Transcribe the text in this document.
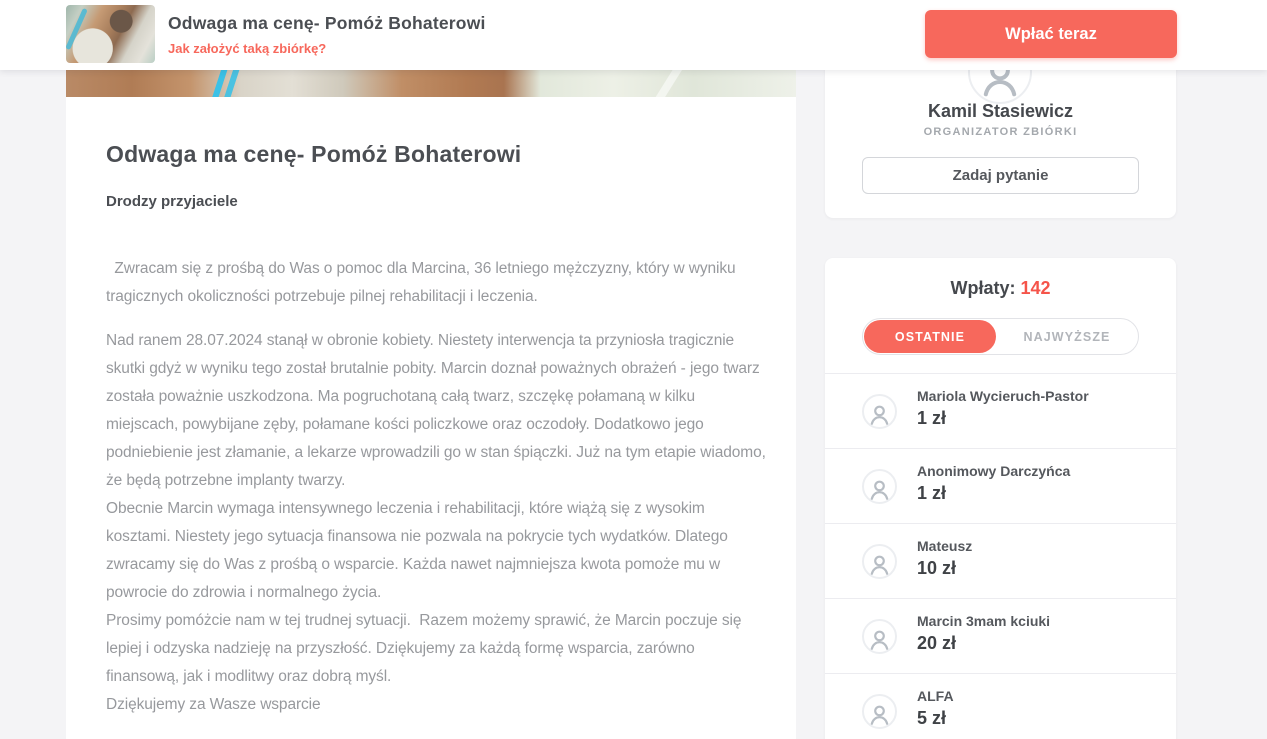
Odwaga ma cenę- Pomóż Bohaterowi
Drodzy przyjaciele

Zwracam się z prośbą do Was o pomoc dla Marcina, 36 letniego mężczyzny, który w wyniku tragicznych okoliczności potrzebuje pilnej rehabilitacji i leczenia.

Nad ranem 28.07.2024 stanął w obronie kobiety. Niestety interwencja ta przyniosła tragicznie skutki gdyż w wyniku tego został brutalnie pobity. Marcin doznał poważnych obrażeń - jego twarz została poważnie uszkodzona. Ma pogruchotaną całą twarz, szczękę połamaną w kilku miejscach, powybijane zęby, połamane kości policzkowe oraz oczodoły. Dodatkowo jego podniebienie jest złamanie, a lekarze wprowadzili go w stan śpiączki. Już na tym etapie wiadomo, że będą potrzebne implanty twarzy.

Obecnie Marcin wymaga intensywnego leczenia i rehabilitacji, które wiążą się z wysokim kosztami. Niestety jego sytuacja finansowa nie pozwala na pokrycie tych wydatków. Dlatego zwracamy się do Was z prośbą o wsparcie. Każda nawet najmniejsza kwota pomoże mu w powrocie do zdrowia i normalnego życia.

Prosimy pomóżcie nam w tej trudnej sytuacji.  Razem możemy sprawić, że Marcin poczuje się lepiej i odzyska nadzieję na przyszłość. Dziękujemy za każdą formę wsparcia, zarówno finansową, jak i modlitwy oraz dobrą myśl.

Dziękujemy za Wasze wsparcie

Kamil Stasiewicz
ORGANIZATOR ZBIÓRKI
Zadaj pytanie
Wpłaty: 142
OSTATNIE	NAJWYŻSZE
Mariola Wycieruch-Pastor
1 zł
Anonimowy Darczyńca
1 zł
Mateusz
10 zł
Marcin 3mam kciuki
20 zł
ALFA
5 zł
Odwaga ma cenę- Pomóż Bohaterowi
Jak założyć taką zbiórkę?
Wpłać teraz
